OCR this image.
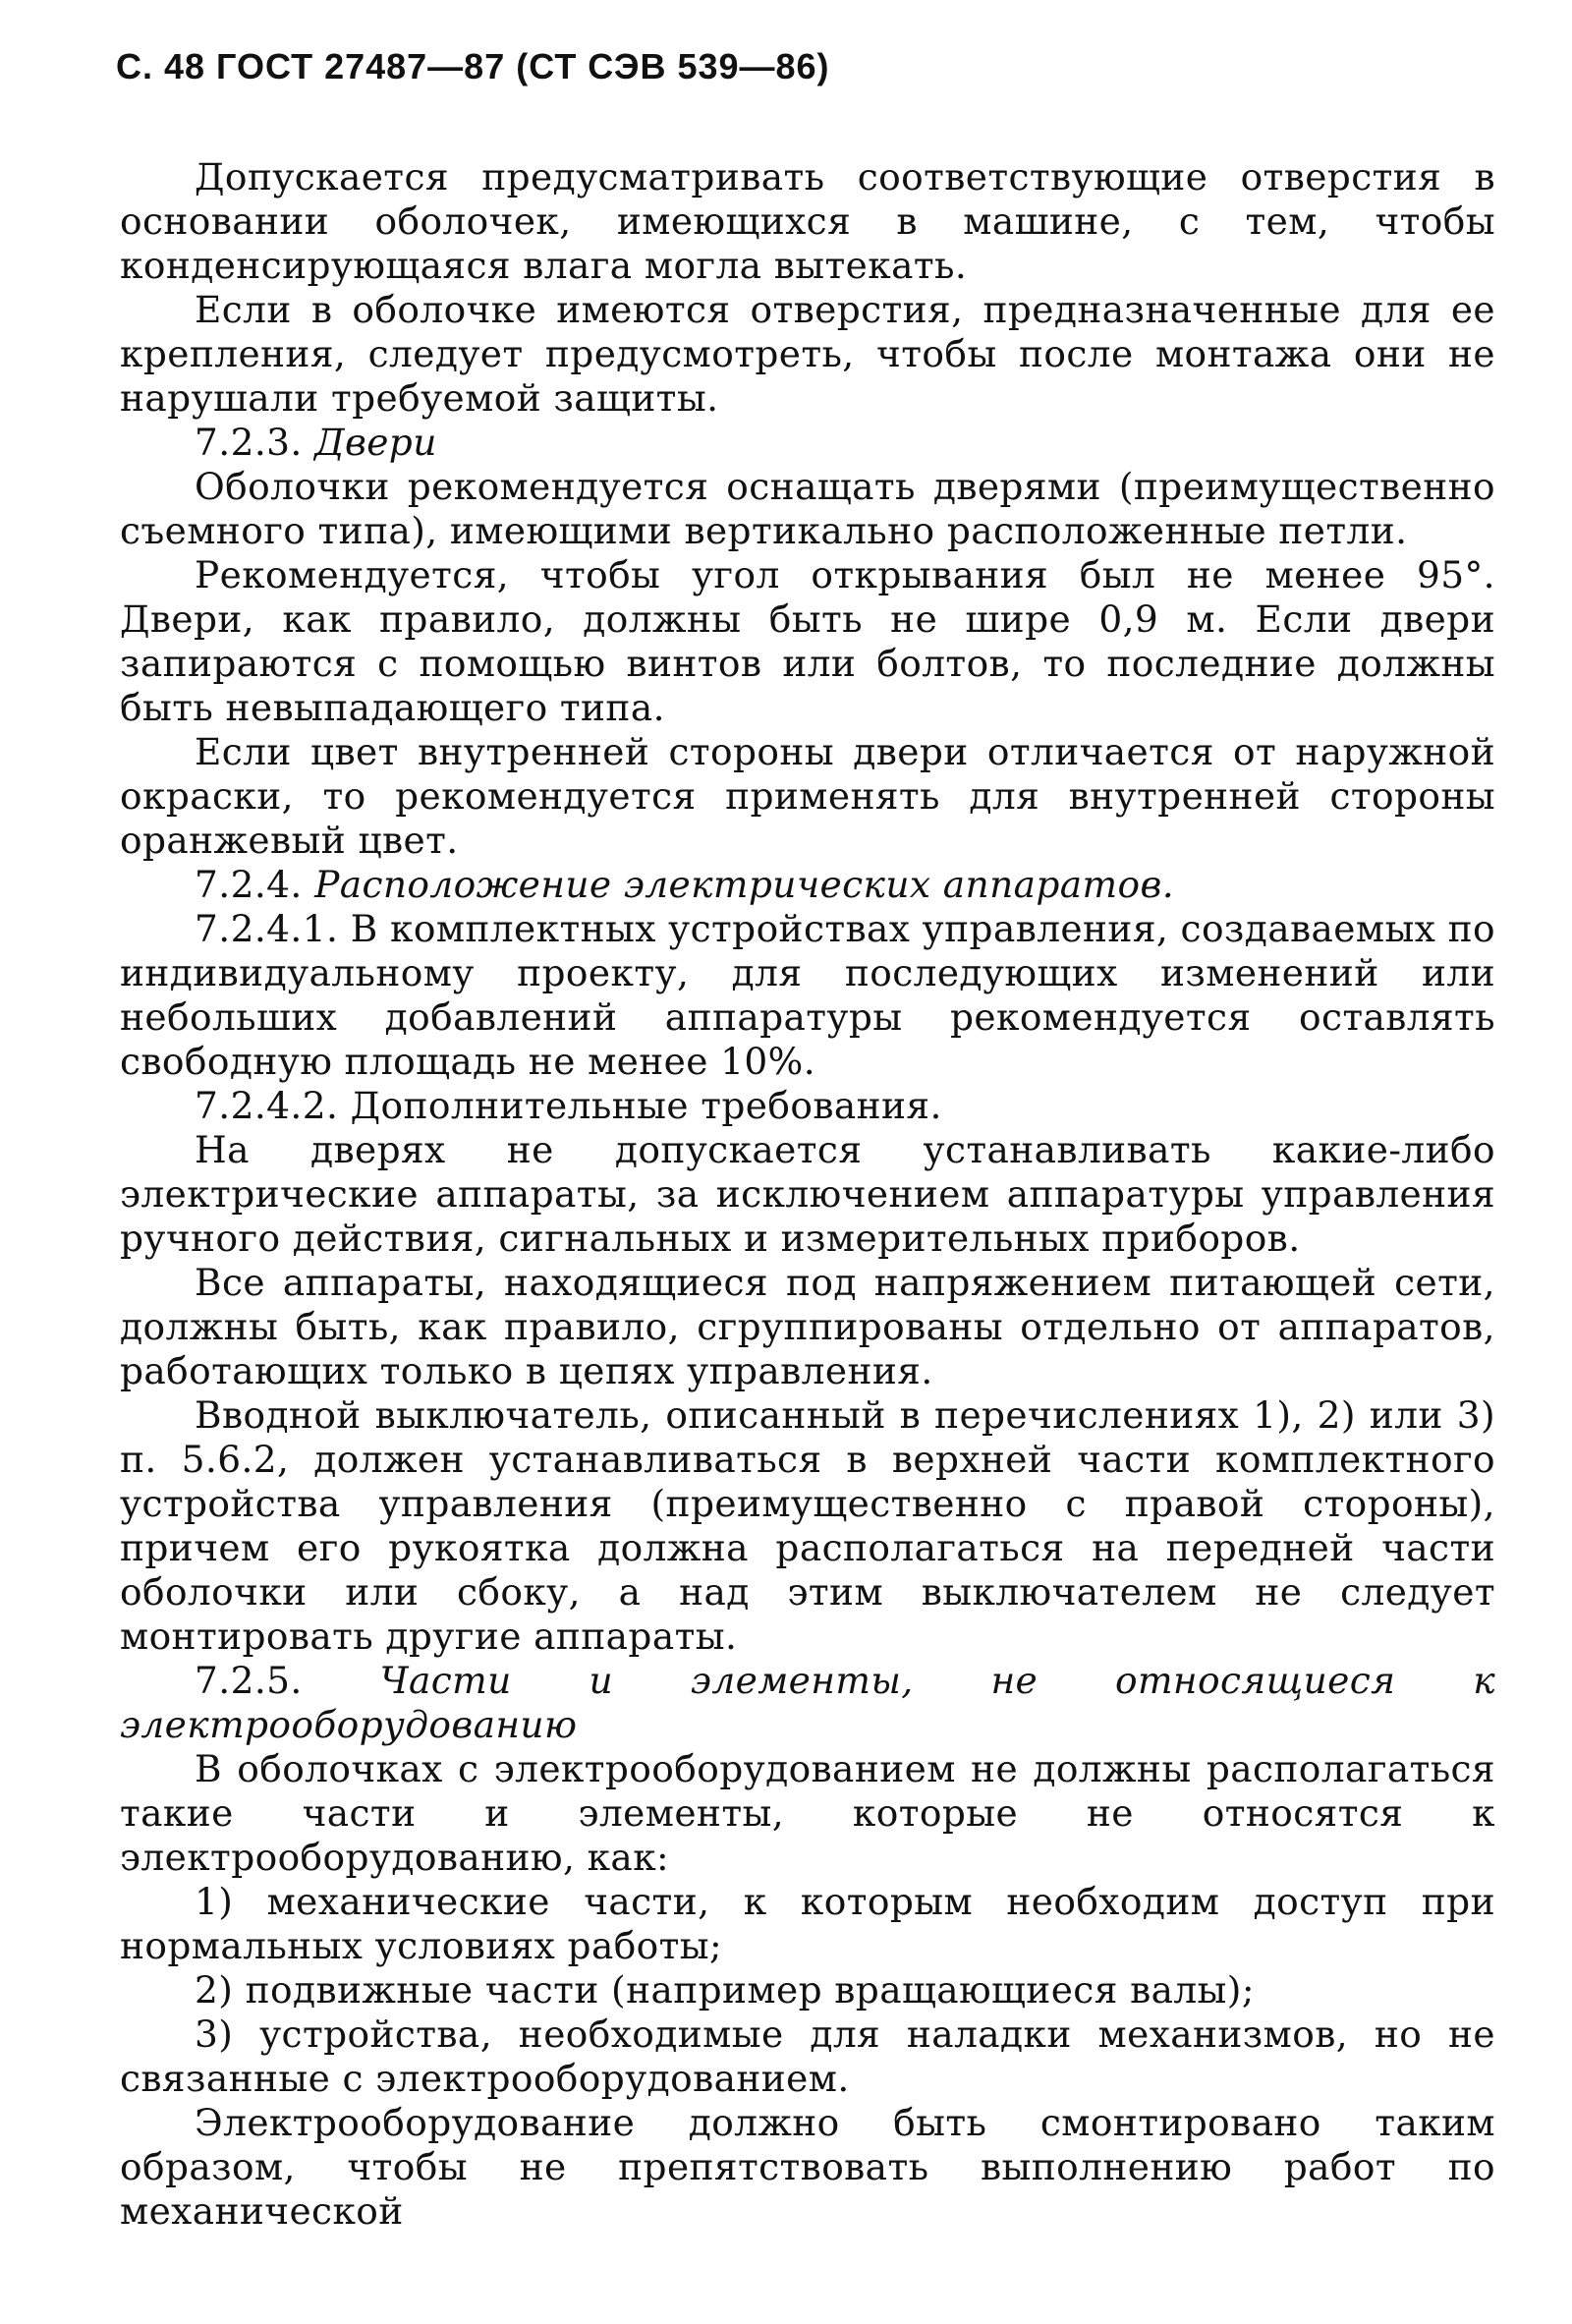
С. 48 ГОСТ 27487—87 (СТ СЭВ 539—86)

Допускается предусматривать соответствующие отверстия в основании оболочек, имеющихся в машине, с тем, чтобы конденсирующаяся влага могла вытекать.

Если в оболочке имеются отверстия, предназначенные для ее крепления, следует предусмотреть, чтобы после монтажа они не нарушали требуемой защиты.

7.2.3. Двери

Оболочки рекомендуется оснащать дверями (преимущественно съемного типа), имеющими вертикально расположенные петли.

Рекомендуется, чтобы угол открывания был не менее 95°. Двери, как правило, должны быть не шире 0,9 м. Если двери запираются с помощью винтов или болтов, то последние должны быть невыпадающего типа.

Если цвет внутренней стороны двери отличается от наружной окраски, то рекомендуется применять для внутренней стороны оранжевый цвет.

7.2.4. Расположение электрических аппаратов.

7.2.4.1. В комплектных устройствах управления, создаваемых по индивидуальному проекту, для последующих изменений или небольших добавлений аппаратуры рекомендуется оставлять свободную площадь не менее 10%.

7.2.4.2. Дополнительные требования.

На дверях не допускается устанавливать какие-либо электрические аппараты, за исключением аппаратуры управления ручного действия, сигнальных и измерительных приборов.

Все аппараты, находящиеся под напряжением питающей сети, должны быть, как правило, сгруппированы отдельно от аппаратов, работающих только в цепях управления.

Вводной выключатель, описанный в перечислениях 1), 2) или 3) п. 5.6.2, должен устанавливаться в верхней части комплектного устройства управления (преимущественно с правой стороны), причем его рукоятка должна располагаться на передней части оболочки или сбоку, а над этим выключателем не следует монтировать другие аппараты.

7.2.5. Части и элементы, не относящиеся к электрооборудованию

В оболочках с электрооборудованием не должны располагаться такие части и элементы, которые не относятся к электрооборудованию, как:

1) механические части, к которым необходим доступ при нормальных условиях работы;

2) подвижные части (например вращающиеся валы);

3) устройства, необходимые для наладки механизмов, но не связанные с электрооборудованием.

Электрооборудование должно быть смонтировано таким образом, чтобы не препятствовать выполнению работ по механической
